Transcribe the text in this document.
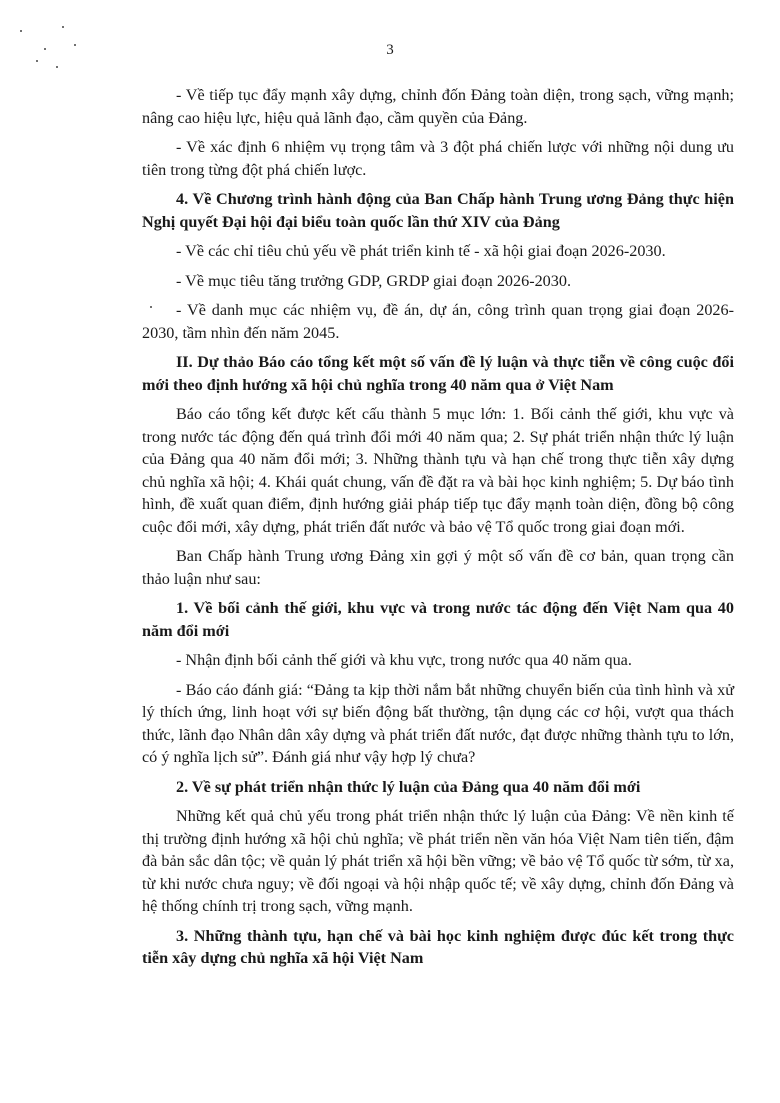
3

- Về tiếp tục đẩy mạnh xây dựng, chỉnh đốn Đảng toàn diện, trong sạch, vững mạnh; nâng cao hiệu lực, hiệu quả lãnh đạo, cầm quyền của Đảng.

- Về xác định 6 nhiệm vụ trọng tâm và 3 đột phá chiến lược với những nội dung ưu tiên trong từng đột phá chiến lược.

4. Về Chương trình hành động của Ban Chấp hành Trung ương Đảng thực hiện Nghị quyết Đại hội đại biểu toàn quốc lần thứ XIV của Đảng

- Về các chỉ tiêu chủ yếu về phát triển kinh tế - xã hội giai đoạn 2026-2030.

- Về mục tiêu tăng trưởng GDP, GRDP giai đoạn 2026-2030.

- Về danh mục các nhiệm vụ, đề án, dự án, công trình quan trọng giai đoạn 2026-2030, tầm nhìn đến năm 2045.

II. Dự thảo Báo cáo tổng kết một số vấn đề lý luận và thực tiễn về công cuộc đổi mới theo định hướng xã hội chủ nghĩa trong 40 năm qua ở Việt Nam

Báo cáo tổng kết được kết cấu thành 5 mục lớn: 1. Bối cảnh thế giới, khu vực và trong nước tác động đến quá trình đổi mới 40 năm qua; 2. Sự phát triển nhận thức lý luận của Đảng qua 40 năm đổi mới; 3. Những thành tựu và hạn chế trong thực tiễn xây dựng chủ nghĩa xã hội; 4. Khái quát chung, vấn đề đặt ra và bài học kinh nghiệm; 5. Dự báo tình hình, đề xuất quan điểm, định hướng giải pháp tiếp tục đẩy mạnh toàn diện, đồng bộ công cuộc đổi mới, xây dựng, phát triển đất nước và bảo vệ Tổ quốc trong giai đoạn mới.

Ban Chấp hành Trung ương Đảng xin gợi ý một số vấn đề cơ bản, quan trọng cần thảo luận như sau:

1. Về bối cảnh thế giới, khu vực và trong nước tác động đến Việt Nam qua 40 năm đổi mới

- Nhận định bối cảnh thế giới và khu vực, trong nước qua 40 năm qua.

- Báo cáo đánh giá: “Đảng ta kịp thời nắm bắt những chuyển biến của tình hình và xử lý thích ứng, linh hoạt với sự biến động bất thường, tận dụng các cơ hội, vượt qua thách thức, lãnh đạo Nhân dân xây dựng và phát triển đất nước, đạt được những thành tựu to lớn, có ý nghĩa lịch sử”. Đánh giá như vậy hợp lý chưa?

2. Về sự phát triển nhận thức lý luận của Đảng qua 40 năm đổi mới

Những kết quả chủ yếu trong phát triển nhận thức lý luận của Đảng: Về nền kinh tế thị trường định hướng xã hội chủ nghĩa; về phát triển nền văn hóa Việt Nam tiên tiến, đậm đà bản sắc dân tộc; về quản lý phát triển xã hội bền vững; về bảo vệ Tổ quốc từ sớm, từ xa, từ khi nước chưa nguy; về đối ngoại và hội nhập quốc tế; về xây dựng, chỉnh đốn Đảng và hệ thống chính trị trong sạch, vững mạnh.

3. Những thành tựu, hạn chế và bài học kinh nghiệm được đúc kết trong thực tiễn xây dựng chủ nghĩa xã hội Việt Nam
